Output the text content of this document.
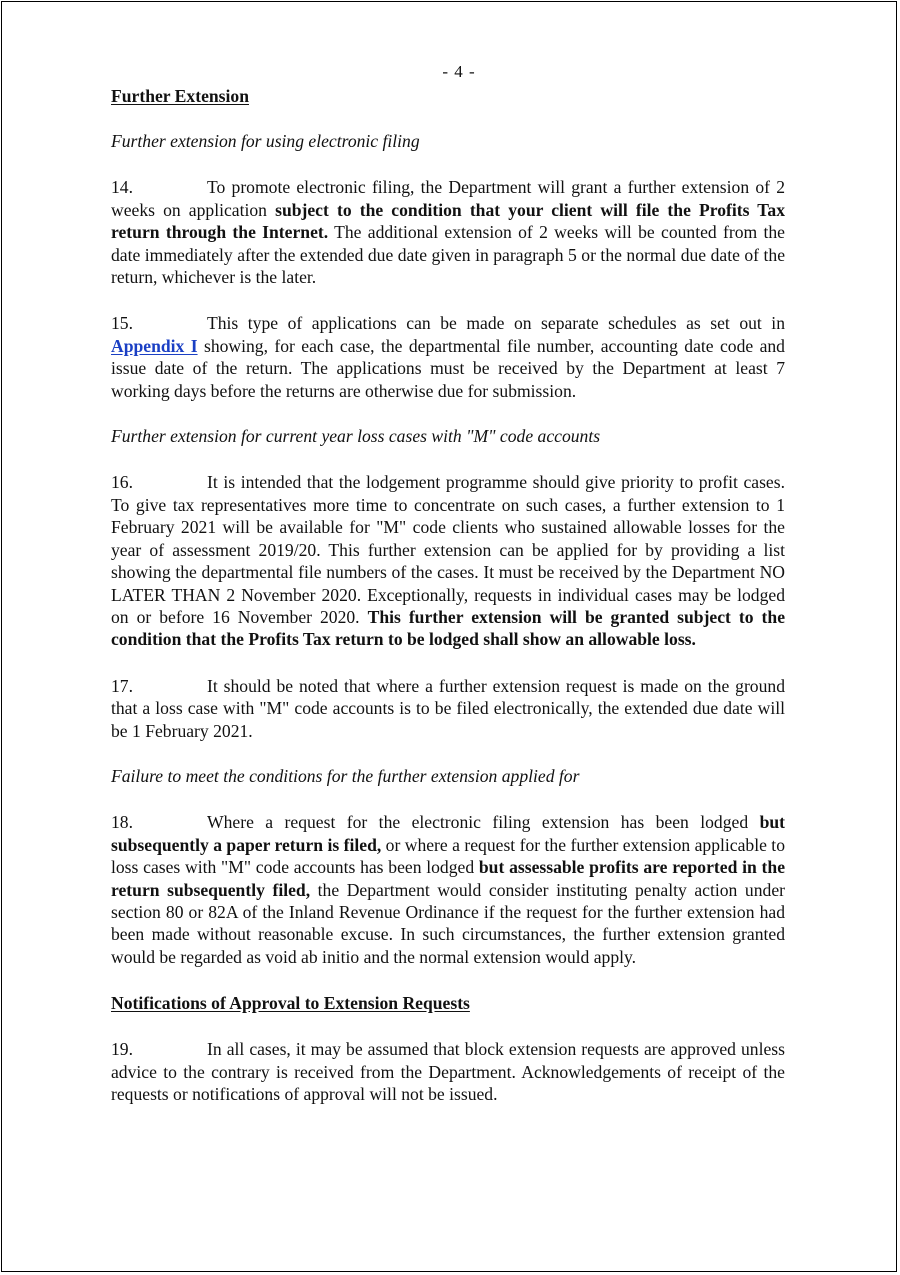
- 4 -
Further Extension

Further extension for using electronic filing

14.	To promote electronic filing, the Department will grant a further extension of 2 weeks on application subject to the condition that your client will file the Profits Tax return through the Internet. The additional extension of 2 weeks will be counted from the date immediately after the extended due date given in paragraph 5 or the normal due date of the return, whichever is the later.

15.	This type of applications can be made on separate schedules as set out in Appendix I showing, for each case, the departmental file number, accounting date code and issue date of the return. The applications must be received by the Department at least 7 working days before the returns are otherwise due for submission.

Further extension for current year loss cases with "M" code accounts

16.	It is intended that the lodgement programme should give priority to profit cases. To give tax representatives more time to concentrate on such cases, a further extension to 1 February 2021 will be available for "M" code clients who sustained allowable losses for the year of assessment 2019/20. This further extension can be applied for by providing a list showing the departmental file numbers of the cases. It must be received by the Department NO LATER THAN 2 November 2020. Exceptionally, requests in individual cases may be lodged on or before 16 November 2020. This further extension will be granted subject to the condition that the Profits Tax return to be lodged shall show an allowable loss.

17.	It should be noted that where a further extension request is made on the ground that a loss case with "M" code accounts is to be filed electronically, the extended due date will be 1 February 2021.

Failure to meet the conditions for the further extension applied for

18.	Where a request for the electronic filing extension has been lodged but subsequently a paper return is filed, or where a request for the further extension applicable to loss cases with "M" code accounts has been lodged but assessable profits are reported in the return subsequently filed, the Department would consider instituting penalty action under section 80 or 82A of the Inland Revenue Ordinance if the request for the further extension had been made without reasonable excuse. In such circumstances, the further extension granted would be regarded as void ab initio and the normal extension would apply.

Notifications of Approval to Extension Requests

19.	In all cases, it may be assumed that block extension requests are approved unless advice to the contrary is received from the Department. Acknowledgements of receipt of the requests or notifications of approval will not be issued.
